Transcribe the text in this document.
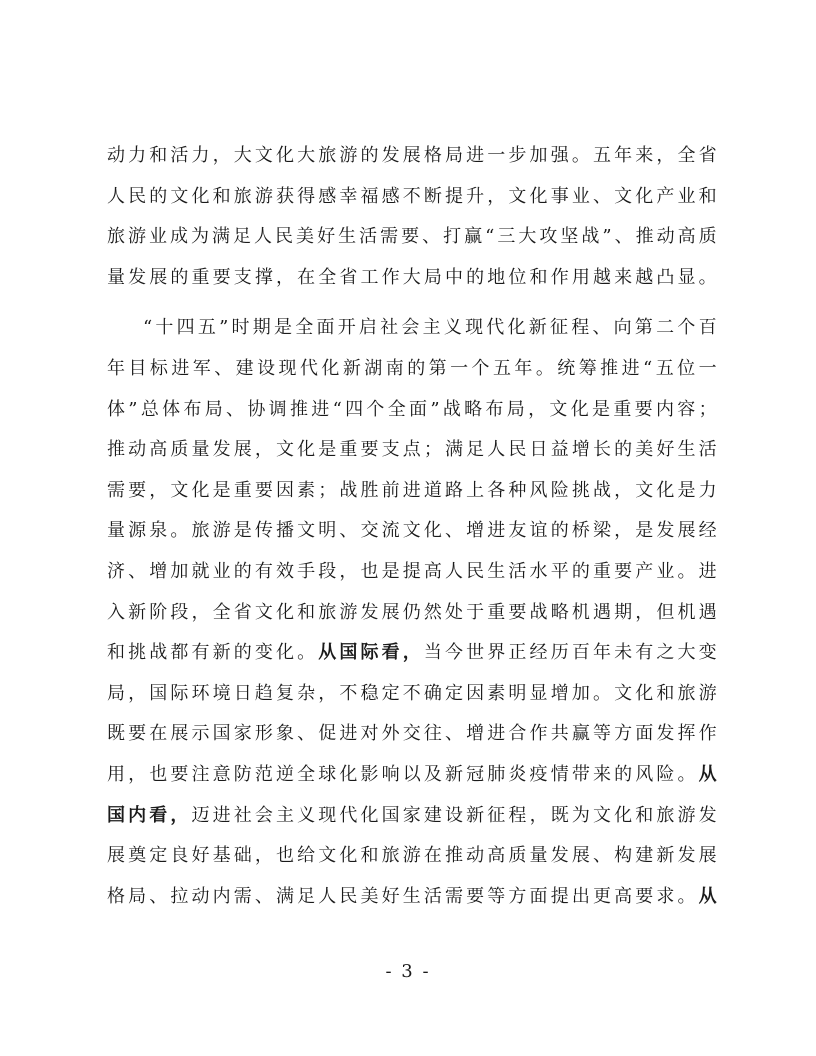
动力和活力，大文化大旅游的发展格局进一步加强。五年来，全省
人民的文化和旅游获得感幸福感不断提升，文化事业、文化产业和
旅游业成为满足人民美好生活需要、打赢“三大攻坚战”、推动高质
量发展的重要支撑，在全省工作大局中的地位和作用越来越凸显。
“十四五”时期是全面开启社会主义现代化新征程、向第二个百
年目标进军、建设现代化新湖南的第一个五年。统筹推进“五位一
体”总体布局、协调推进“四个全面”战略布局，文化是重要内容；
推动高质量发展，文化是重要支点；满足人民日益增长的美好生活
需要，文化是重要因素；战胜前进道路上各种风险挑战，文化是力
量源泉。旅游是传播文明、交流文化、增进友谊的桥梁，是发展经
济、增加就业的有效手段，也是提高人民生活水平的重要产业。进
入新阶段，全省文化和旅游发展仍然处于重要战略机遇期，但机遇
和挑战都有新的变化。从国际看，当今世界正经历百年未有之大变
局，国际环境日趋复杂，不稳定不确定因素明显增加。文化和旅游
既要在展示国家形象、促进对外交往、增进合作共赢等方面发挥作
用，也要注意防范逆全球化影响以及新冠肺炎疫情带来的风险。从
国内看，迈进社会主义现代化国家建设新征程，既为文化和旅游发
展奠定良好基础，也给文化和旅游在推动高质量发展、构建新发展
格局、拉动内需、满足人民美好生活需要等方面提出更高要求。从
- 3 -
